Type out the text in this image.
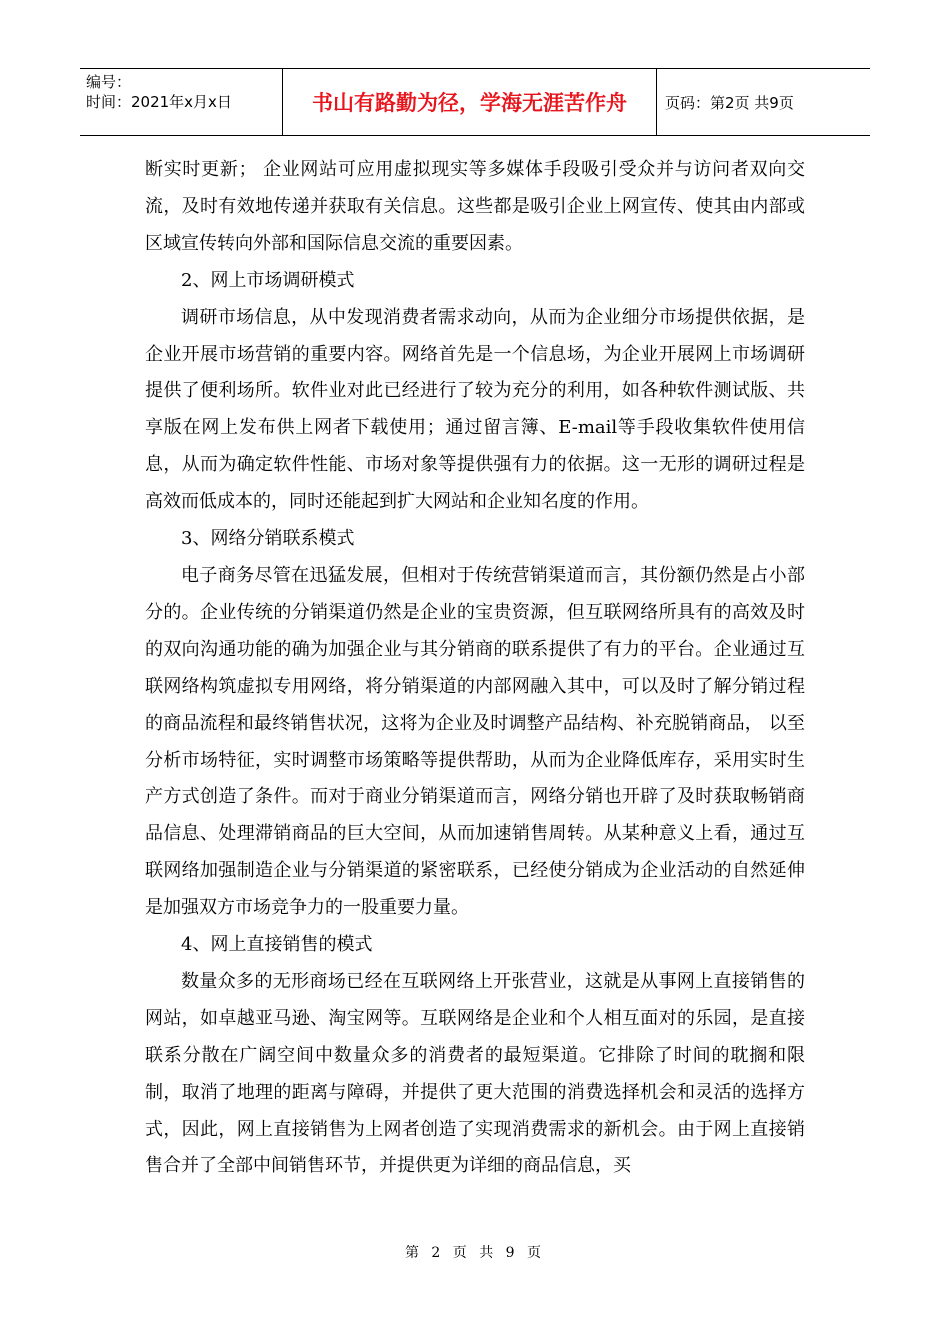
编号：
时间：2021年x月x日	书山有路勤为径，学海无涯苦作舟	页码：第2页 共9页

断实时更新； 企业网站可应用虚拟现实等多媒体手段吸引受众并与访问者双向交流，及时有效地传递并获取有关信息。这些都是吸引企业上网宣传、使其由内部或区域宣传转向外部和国际信息交流的重要因素。

2、网上市场调研模式

调研市场信息，从中发现消费者需求动向，从而为企业细分市场提供依据，是企业开展市场营销的重要内容。网络首先是一个信息场，为企业开展网上市场调研提供了便利场所。软件业对此已经进行了较为充分的利用，如各种软件测试版、共享版在网上发布供上网者下载使用；通过留言簿、E-mail等手段收集软件使用信息，从而为确定软件性能、市场对象等提供强有力的依据。这一无形的调研过程是高效而低成本的，同时还能起到扩大网站和企业知名度的作用。

3、网络分销联系模式

电子商务尽管在迅猛发展，但相对于传统营销渠道而言，其份额仍然是占小部分的。企业传统的分销渠道仍然是企业的宝贵资源，但互联网络所具有的高效及时的双向沟通功能的确为加强企业与其分销商的联系提供了有力的平台。企业通过互联网络构筑虚拟专用网络，将分销渠道的内部网融入其中，可以及时了解分销过程的商品流程和最终销售状况，这将为企业及时调整产品结构、补充脱销商品， 以至分析市场特征，实时调整市场策略等提供帮助，从而为企业降低库存，采用实时生产方式创造了条件。而对于商业分销渠道而言，网络分销也开辟了及时获取畅销商品信息、处理滞销商品的巨大空间，从而加速销售周转。从某种意义上看，通过互联网络加强制造企业与分销渠道的紧密联系，已经使分销成为企业活动的自然延伸是加强双方市场竞争力的一股重要力量。

4、网上直接销售的模式

数量众多的无形商场已经在互联网络上开张营业，这就是从事网上直接销售的网站，如卓越亚马逊、淘宝网等。互联网络是企业和个人相互面对的乐园，是直接联系分散在广阔空间中数量众多的消费者的最短渠道。它排除了时间的耽搁和限制，取消了地理的距离与障碍，并提供了更大范围的消费选择机会和灵活的选择方式，因此，网上直接销售为上网者创造了实现消费需求的新机会。由于网上直接销售合并了全部中间销售环节，并提供更为详细的商品信息，买

第 2 页 共 9 页
